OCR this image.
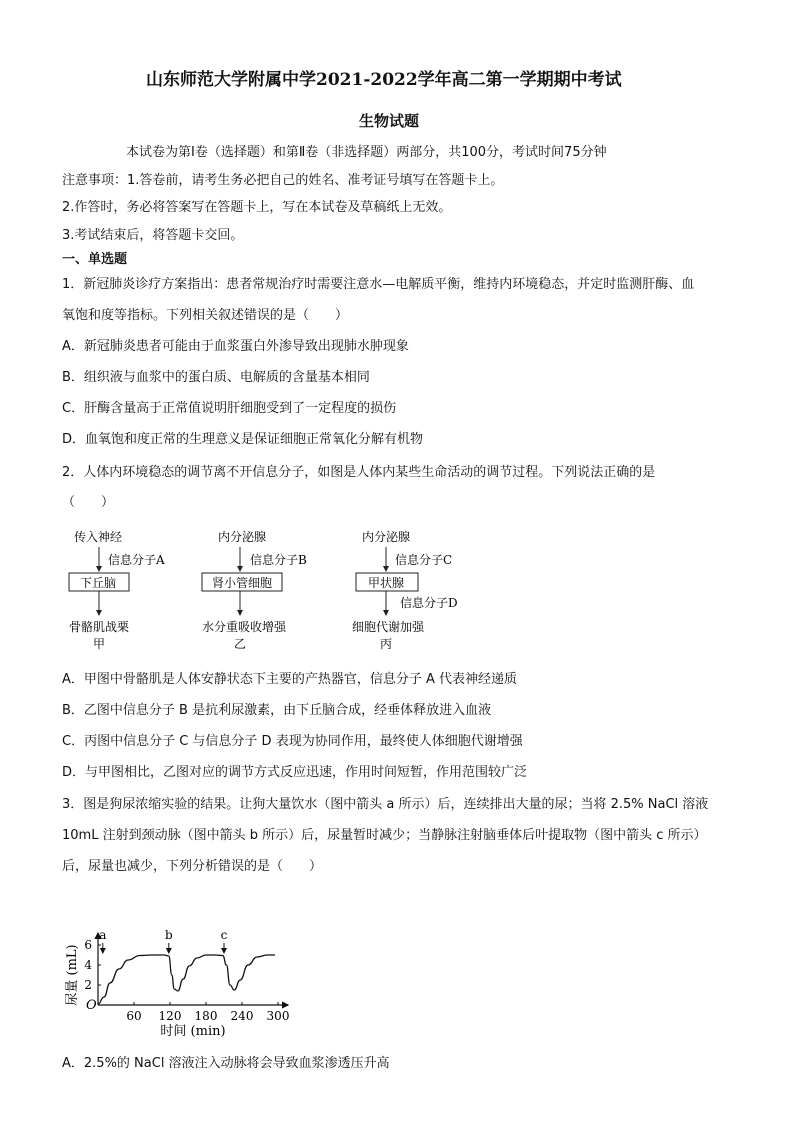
山东师范大学附属中学2021-2022学年高二第一学期期中考试
生物试题
本试卷为第Ⅰ卷（选择题）和第Ⅱ卷（非选择题）两部分，共100分，考试时间75分钟
注意事项：1.答卷前，请考生务必把自己的姓名、准考证号填写在答题卡上。
2.作答时，务必将答案写在答题卡上，写在本试卷及草稿纸上无效。
3.考试结束后，将答题卡交回。
一、单选题
1．新冠肺炎诊疗方案指出：患者常规治疗时需要注意水—电解质平衡，维持内环境稳态，并定时监测肝酶、血
氧饱和度等指标。下列相关叙述错误的是（　　）
A．新冠肺炎患者可能由于血浆蛋白外渗导致出现肺水肿现象
B．组织液与血浆中的蛋白质、电解质的含量基本相同
C．肝酶含量高于正常值说明肝细胞受到了一定程度的损伤
D．血氧饱和度正常的生理意义是保证细胞正常氧化分解有机物
2．人体内环境稳态的调节离不开信息分子，如图是人体内某些生命活动的调节过程。下列说法正确的是
（　　）
传入神经
信息分子A
下丘脑
骨骼肌战栗
甲
内分泌腺
信息分子B
肾小管细胞
水分重吸收增强
乙
内分泌腺
信息分子C
甲状腺
信息分子D
细胞代谢加强
丙
A．甲图中骨骼肌是人体安静状态下主要的产热器官，信息分子 A 代表神经递质
B．乙图中信息分子 B 是抗利尿激素，由下丘脑合成，经垂体释放进入血液
C．丙图中信息分子 C 与信息分子 D 表现为协同作用，最终使人体细胞代谢增强
D．与甲图相比，乙图对应的调节方式反应迅速，作用时间短暂，作用范围较广泛
3．图是狗尿浓缩实验的结果。让狗大量饮水（图中箭头 a 所示）后，连续排出大量的尿；当将 2.5% NaCl 溶液
10mL 注射到颈动脉（图中箭头 b 所示）后，尿量暂时减少；当静脉注射脑垂体后叶提取物（图中箭头 c 所示）
后，尿量也减少，下列分析错误的是（　　）
O
60 120 180 240 300
2
4
6
时间 (min)
尿量 (mL)
a	b	c
A．2.5%的 NaCl 溶液注入动脉将会导致血浆渗透压升高
